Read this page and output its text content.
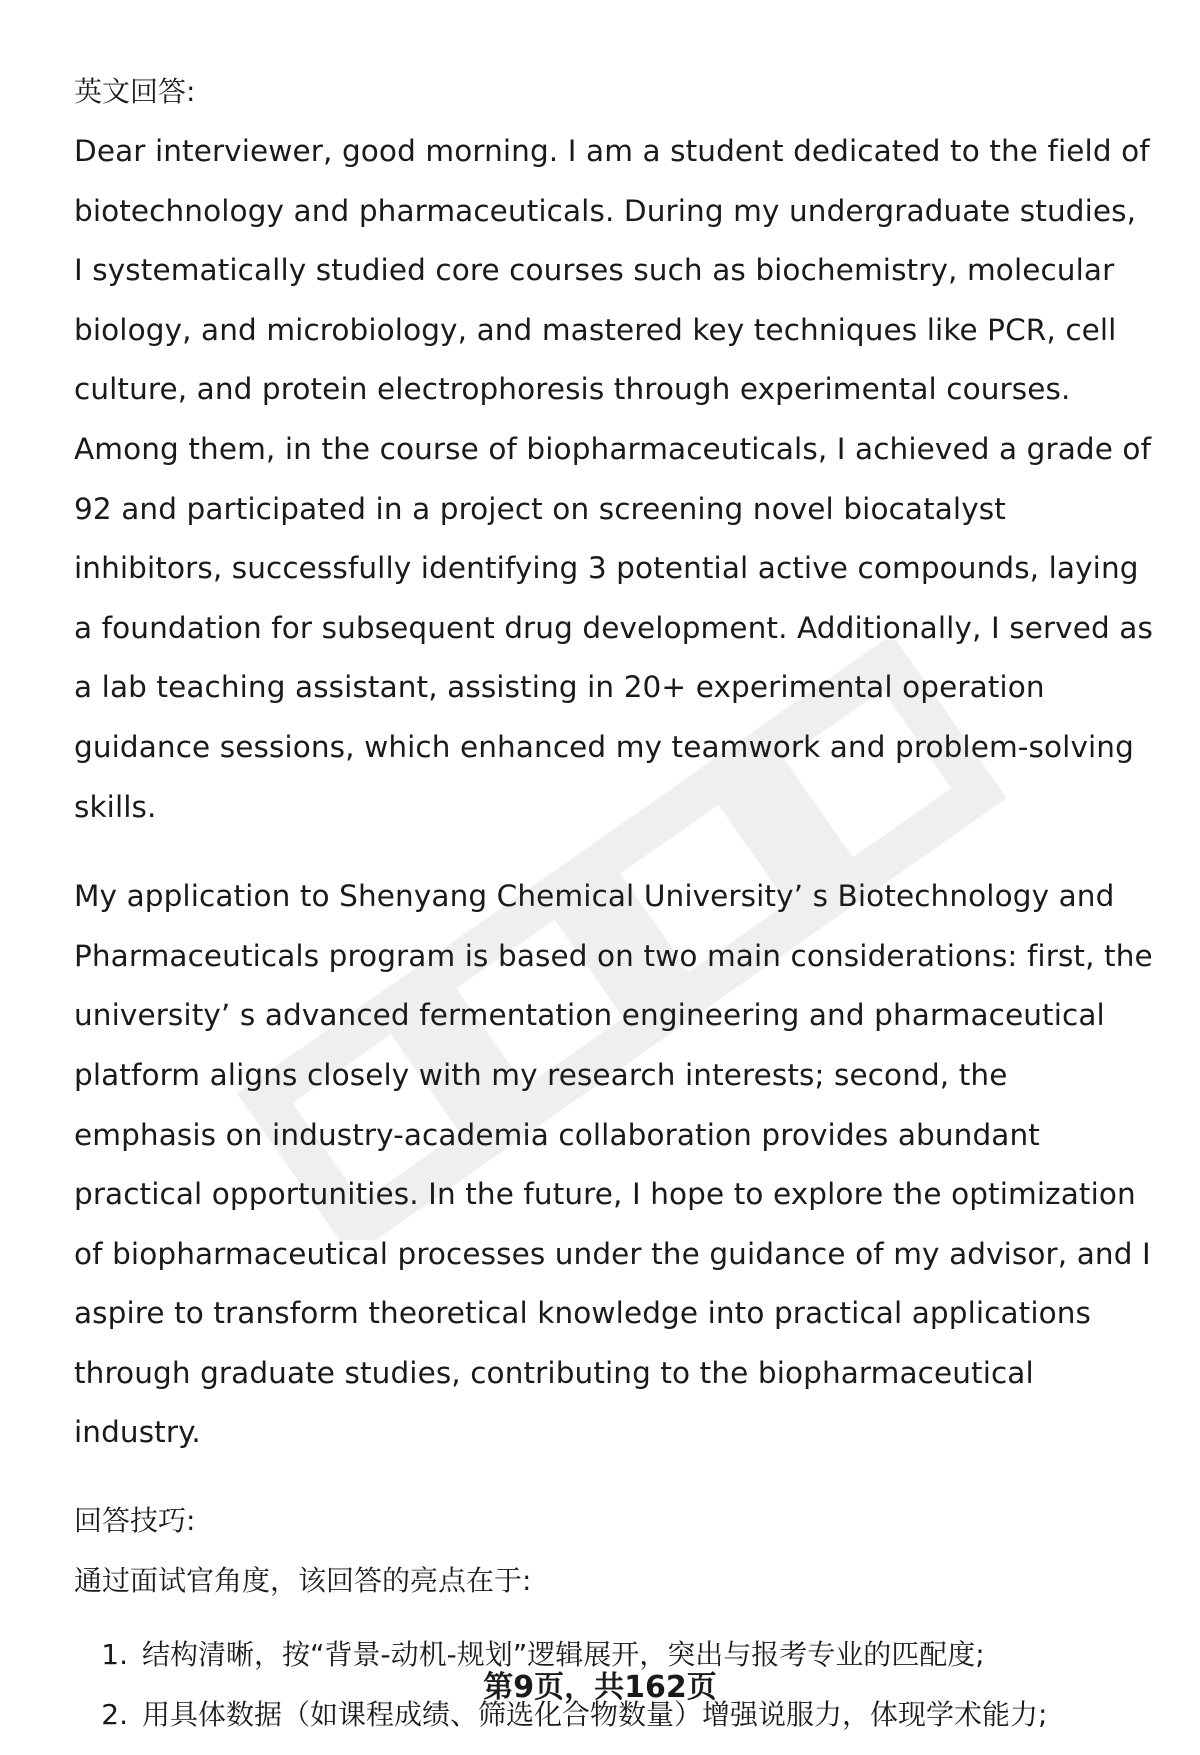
英文回答:

Dear interviewer, good morning. I am a student dedicated to the field of biotechnology and pharmaceuticals. During my undergraduate studies, I systematically studied core courses such as biochemistry, molecular biology, and microbiology, and mastered key techniques like PCR, cell culture, and protein electrophoresis through experimental courses. Among them, in the course of biopharmaceuticals, I achieved a grade of 92 and participated in a project on screening novel biocatalyst inhibitors, successfully identifying 3 potential active compounds, laying a foundation for subsequent drug development. Additionally, I served as a lab teaching assistant, assisting in 20+ experimental operation guidance sessions, which enhanced my teamwork and problem-solving skills.

My application to Shenyang Chemical University’ s Biotechnology and Pharmaceuticals program is based on two main considerations: first, the university’ s advanced fermentation engineering and pharmaceutical platform aligns closely with my research interests; second, the emphasis on industry-academia collaboration provides abundant practical opportunities. In the future, I hope to explore the optimization of biopharmaceutical processes under the guidance of my advisor, and I aspire to transform theoretical knowledge into practical applications through graduate studies, contributing to the biopharmaceutical industry.

回答技巧:

通过面试官角度，该回答的亮点在于:

1. 结构清晰，按“背景-动机-规划”逻辑展开，突出与报考专业的匹配度;
2. 用具体数据（如课程成绩、筛选化合物数量）增强说服力，体现学术能力;
第9页，共162页
